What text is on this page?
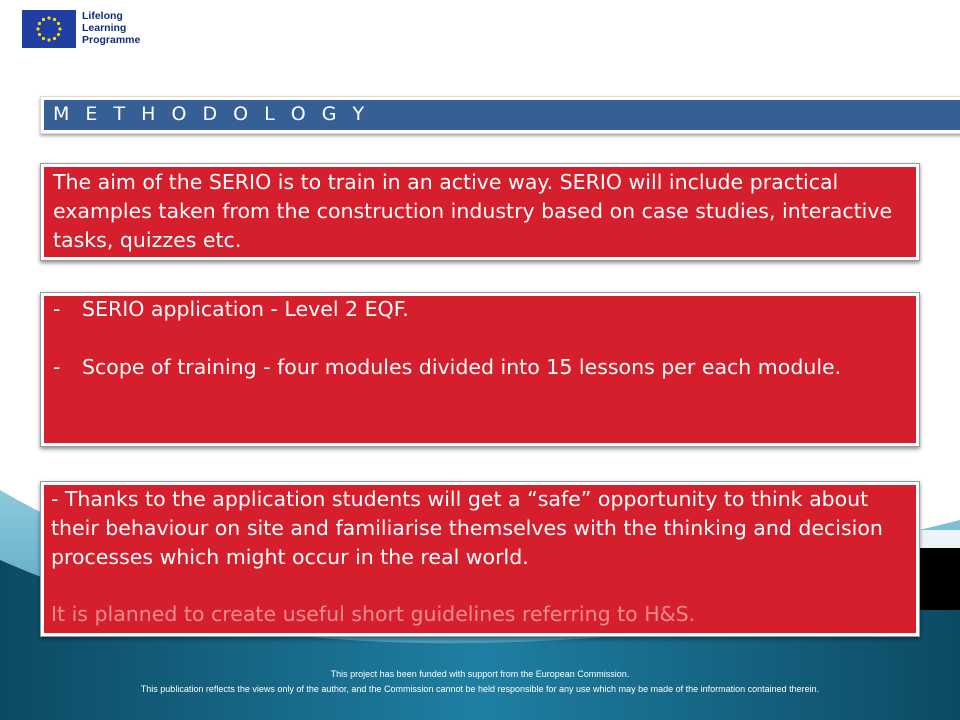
Lifelong
Learning
Programme
M E T H O D O L O G Y
The aim of the SERIO is to train in an active way. SERIO will include practical examples taken from the construction industry based on case studies, interactive tasks, quizzes etc.
-	SERIO application - Level 2 EQF.
-	Scope of training - four modules divided into 15 lessons per each module.
- Thanks to the application students will get a “safe” opportunity to think about their behaviour on site and familiarise themselves with the thinking and decision processes which might occur in the real world.
It is planned to create useful short guidelines referring to H&S.
This project has been funded with support from the European Commission.
This publication reflects the views only of the author, and the Commission cannot be held responsible for any use which may be made of the information contained therein.
